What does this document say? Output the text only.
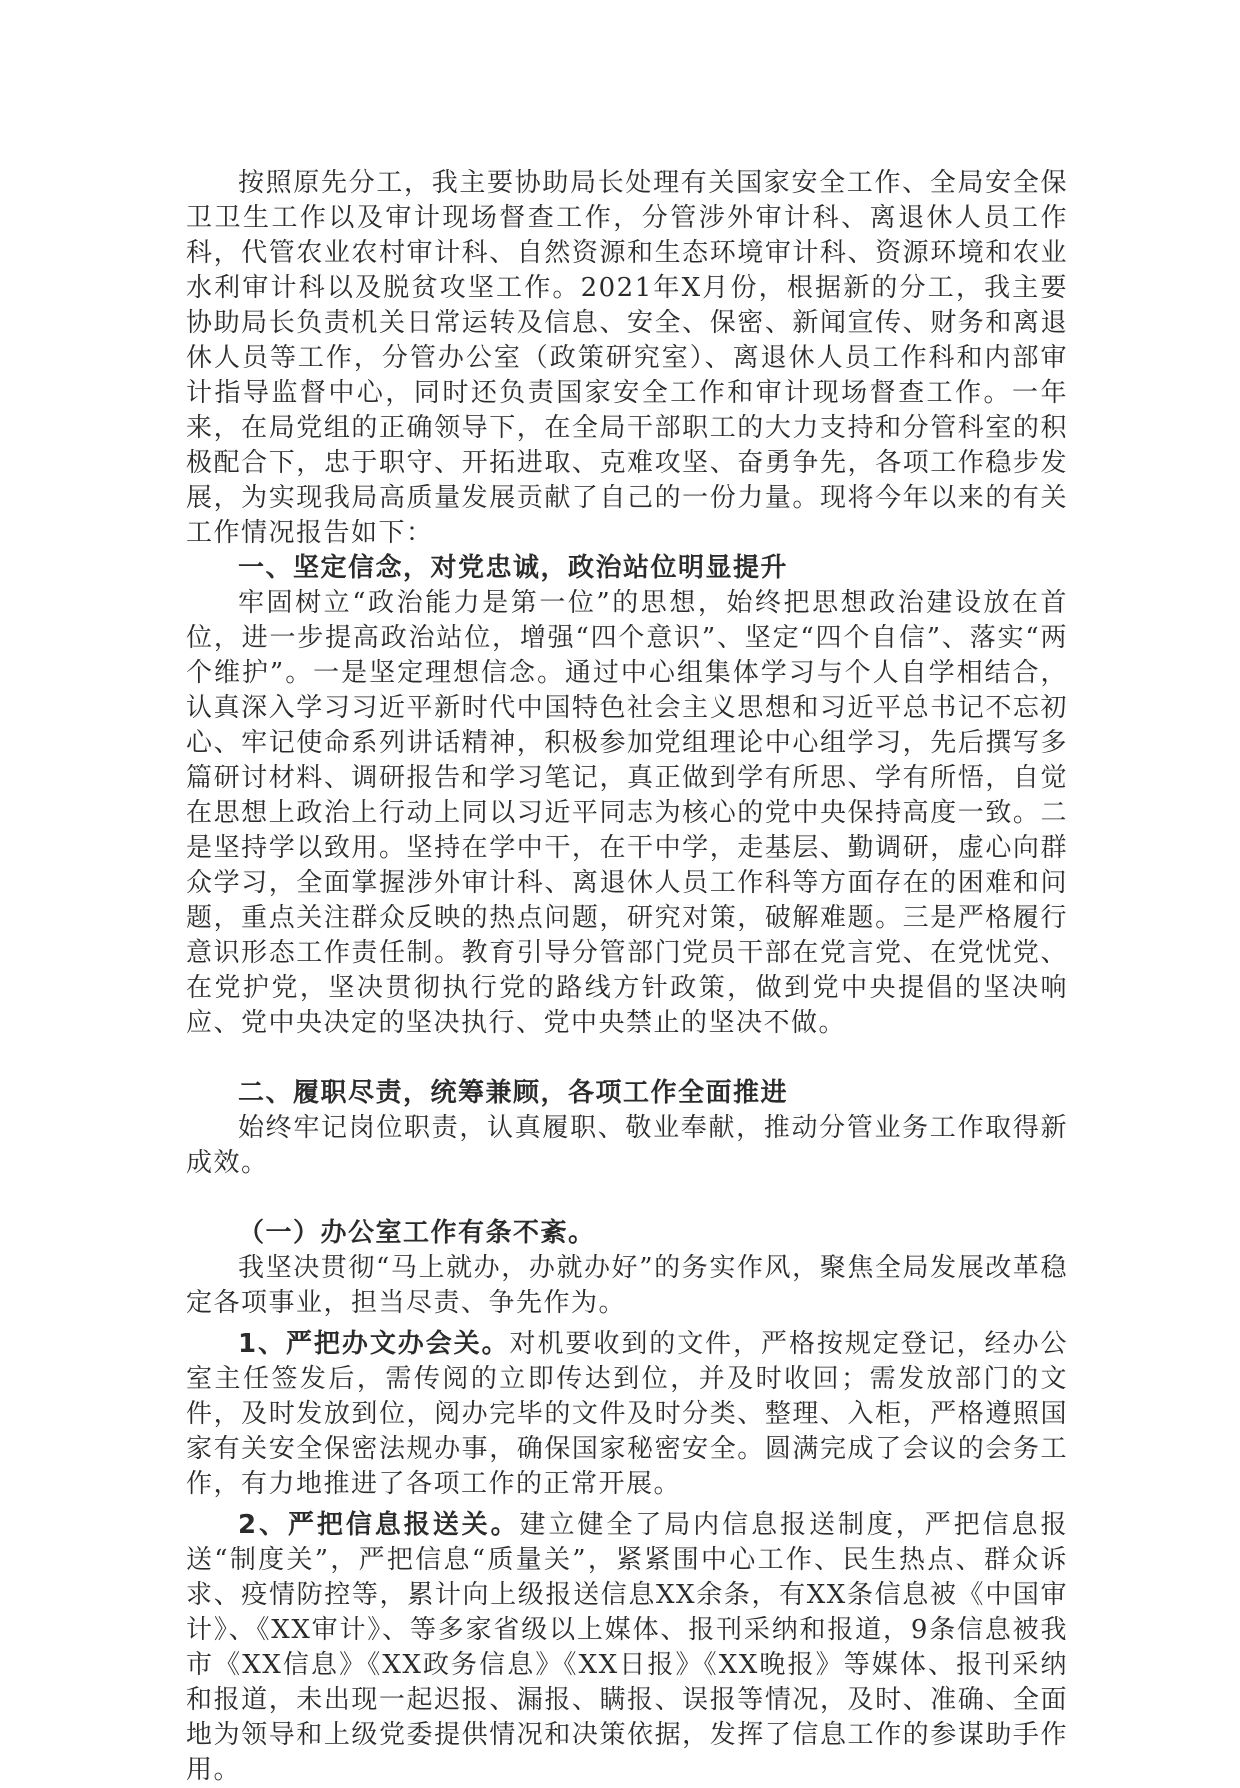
按照原先分工，我主要协助局长处理有关国家安全工作、全局安全保卫卫生工作以及审计现场督查工作，分管涉外审计科、离退休人员工作科，代管农业农村审计科、自然资源和生态环境审计科、资源环境和农业水利审计科以及脱贫攻坚工作。2021年X月份，根据新的分工，我主要协助局长负责机关日常运转及信息、安全、保密、新闻宣传、财务和离退休人员等工作，分管办公室（政策研究室）、离退休人员工作科和内部审计指导监督中心，同时还负责国家安全工作和审计现场督查工作。一年来，在局党组的正确领导下，在全局干部职工的大力支持和分管科室的积极配合下，忠于职守、开拓进取、克难攻坚、奋勇争先，各项工作稳步发展，为实现我局高质量发展贡献了自己的一份力量。现将今年以来的有关工作情况报告如下：

一、坚定信念，对党忠诚，政治站位明显提升

牢固树立“政治能力是第一位”的思想，始终把思想政治建设放在首位，进一步提高政治站位，增强“四个意识”、坚定“四个自信”、落实“两个维护”。一是坚定理想信念。通过中心组集体学习与个人自学相结合，认真深入学习习近平新时代中国特色社会主义思想和习近平总书记不忘初心、牢记使命系列讲话精神，积极参加党组理论中心组学习，先后撰写多篇研讨材料、调研报告和学习笔记，真正做到学有所思、学有所悟，自觉在思想上政治上行动上同以习近平同志为核心的党中央保持高度一致。二是坚持学以致用。坚持在学中干，在干中学，走基层、勤调研，虚心向群众学习，全面掌握涉外审计科、离退休人员工作科等方面存在的困难和问题，重点关注群众反映的热点问题，研究对策，破解难题。三是严格履行意识形态工作责任制。教育引导分管部门党员干部在党言党、在党忧党、在党护党，坚决贯彻执行党的路线方针政策，做到党中央提倡的坚决响应、党中央决定的坚决执行、党中央禁止的坚决不做。

二、履职尽责，统筹兼顾，各项工作全面推进

始终牢记岗位职责，认真履职、敬业奉献，推动分管业务工作取得新成效。

（一）办公室工作有条不紊。

我坚决贯彻“马上就办，办就办好”的务实作风，聚焦全局发展改革稳定各项事业，担当尽责、争先作为。

1、严把办文办会关。对机要收到的文件，严格按规定登记，经办公室主任签发后，需传阅的立即传达到位，并及时收回；需发放部门的文件，及时发放到位，阅办完毕的文件及时分类、整理、入柜，严格遵照国家有关安全保密法规办事，确保国家秘密安全。圆满完成了会议的会务工作，有力地推进了各项工作的正常开展。

2、严把信息报送关。建立健全了局内信息报送制度，严把信息报送“制度关”，严把信息“质量关”，紧紧围中心工作、民生热点、群众诉求、疫情防控等，累计向上级报送信息XX余条，有XX条信息被《中国审计》、《XX审计》、等多家省级以上媒体、报刊采纳和报道，9条信息被我市《XX信息》《XX政务信息》《XX日报》《XX晚报》等媒体、报刊采纳和报道，未出现一起迟报、漏报、瞒报、误报等情况，及时、准确、全面地为领导和上级党委提供情况和决策依据，发挥了信息工作的参谋助手作用。
